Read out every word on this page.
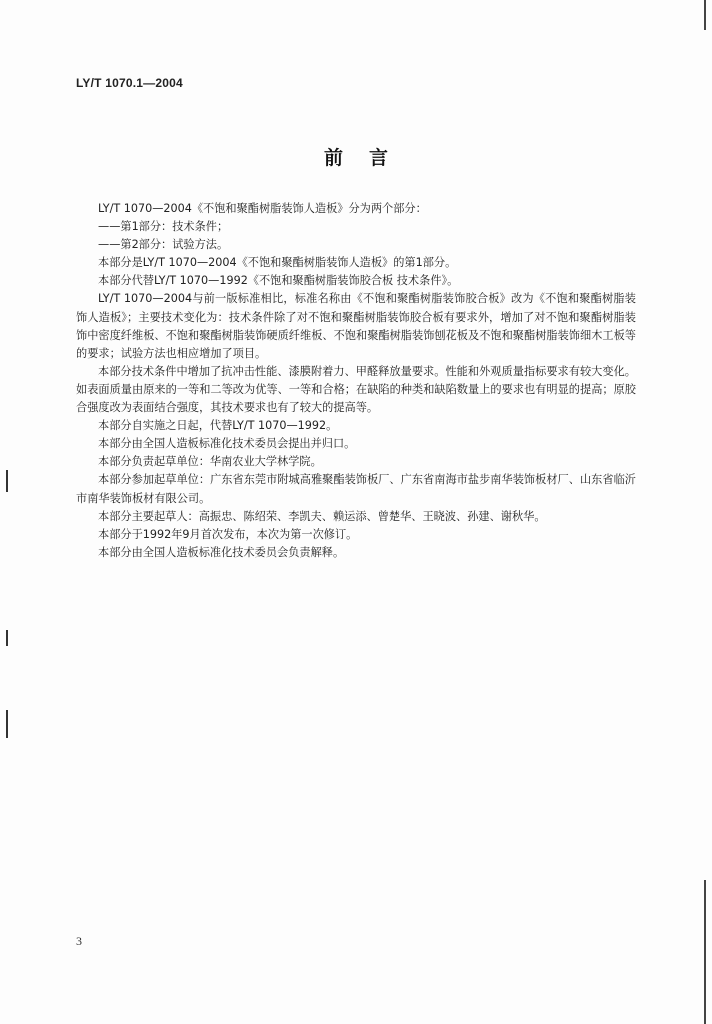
LY/T 1070.1—2004
前言

LY/T 1070—2004《不饱和聚酯树脂装饰人造板》分为两个部分：

——第1部分：技术条件；

——第2部分：试验方法。

本部分是LY/T 1070—2004《不饱和聚酯树脂装饰人造板》的第1部分。

本部分代替LY/T 1070—1992《不饱和聚酯树脂装饰胶合板 技术条件》。

LY/T 1070—2004与前一版标准相比，标准名称由《不饱和聚酯树脂装饰胶合板》改为《不饱和聚酯树脂装饰人造板》；主要技术变化为：技术条件除了对不饱和聚酯树脂装饰胶合板有要求外，增加了对不饱和聚酯树脂装饰中密度纤维板、不饱和聚酯树脂装饰硬质纤维板、不饱和聚酯树脂装饰刨花板及不饱和聚酯树脂装饰细木工板等的要求；试验方法也相应增加了项目。

本部分技术条件中增加了抗冲击性能、漆膜附着力、甲醛释放量要求。性能和外观质量指标要求有较大变化。如表面质量由原来的一等和二等改为优等、一等和合格；在缺陷的种类和缺陷数量上的要求也有明显的提高；原胶合强度改为表面结合强度，其技术要求也有了较大的提高等。

本部分自实施之日起，代替LY/T 1070—1992。

本部分由全国人造板标准化技术委员会提出并归口。

本部分负责起草单位：华南农业大学林学院。

本部分参加起草单位：广东省东莞市附城高雅聚酯装饰板厂、广东省南海市盐步南华装饰板材厂、山东省临沂市南华装饰板材有限公司。

本部分主要起草人：高振忠、陈绍荣、李凯夫、赖运添、曾楚华、王晓波、孙建、谢秋华。

本部分于1992年9月首次发布，本次为第一次修订。

本部分由全国人造板标准化技术委员会负责解释。

3
